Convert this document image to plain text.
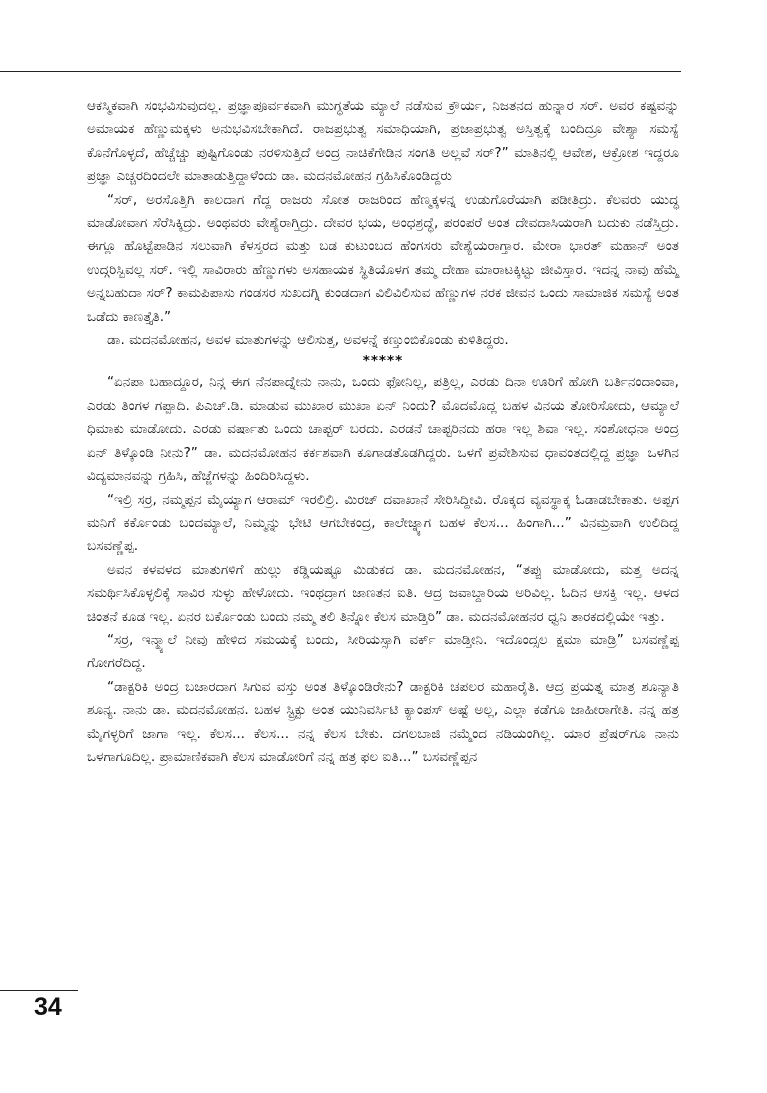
ಆಕಸ್ಮಿಕವಾಗಿ ಸಂಭವಿಸುವುದಲ್ಲ. ಪ್ರಜ್ಞಾಪೂರ್ವಕವಾಗಿ ಮುಗ್ಧತೆಯ ಮ್ಯಾಲೆ ನಡೆಸುವ ಕ್ರೌರ್ಯ, ನಿಜತನದ ಹುನ್ನಾರ ಸರ್. ಅವರ ಕಷ್ಟವನ್ನು ಅಮಾಯಕ ಹೆಣ್ಣುಮಕ್ಕಳು ಅನುಭವಿಸಬೇಕಾಗಿದೆ. ರಾಜಪ್ರಭುತ್ವ ಸಮಾಧಿಯಾಗಿ, ಪ್ರಜಾಪ್ರಭುತ್ವ ಅಸ್ತಿತ್ವಕ್ಕೆ ಬಂದಿದ್ರೂ ವೇಶ್ಯಾ ಸಮಸ್ಯೆ ಕೊನೆಗೊಳ್ಳದೆ, ಹೆಚ್ಚೆಚ್ಚು ಪುಷ್ಟಿಗೊಂಡು ನರಳಿಸುತ್ತಿದೆ ಅಂದ್ರ ನಾಚಿಕೆಗೇಡಿನ ಸಂಗತಿ ಅಲ್ಲವೆ ಸರ್?” ಮಾತಿನಲ್ಲಿ ಆವೇಶ, ಆಕ್ರೋಶ ಇದ್ದರೂ ಪ್ರಜ್ಞಾ ಎಚ್ಚರದಿಂದಲೇ ಮಾತಾಡುತ್ತಿದ್ದಾಳೆಂದು ಡಾ. ಮದನಮೋಹನ ಗ್ರಹಿಸಿಕೊಂಡಿದ್ದರು

“ಸರ್, ಅರಸೊತ್ತಿಗಿ ಕಾಲದಾಗ ಗೆದ್ದ ರಾಜರು ಸೋತ ರಾಜರಿಂದ ಹೆಣ್ಮಕ್ಕಳನ್ನ ಉಡುಗೊರೆಯಾಗಿ ಪಡೀತಿದ್ರು. ಕೆಲವರು ಯುದ್ಧ ಮಾಡೋವಾಗ ಸೆರೆಸಿಕ್ಕಿದ್ರು. ಅಂಥವರು ವೇಶ್ಯೆರಾಗ್ತಿದ್ರು. ದೇವರ ಭಯ, ಅಂಧಶ್ರದ್ಧೆ, ಪರಂಪರೆ ಅಂತ ದೇವದಾಸಿಯರಾಗಿ ಬದುಕು ನಡೆಸ್ತಿದ್ರು. ಈಗ್ಲೂ ಹೊಟ್ಟೆಪಾಡಿನ ಸಲುವಾಗಿ ಕೆಳಸ್ತರದ ಮತ್ತು ಬಡ ಕುಟುಂಬದ ಹೆಂಗಸರು ವೇಶ್ಯೆಯರಾಗ್ತಾರ. ಮೇರಾ ಭಾರತ್ ಮಹಾನ್ ಅಂತ ಉದ್ಗರಿಸ್ಬಿವಲ್ಲ ಸರ್. ಇಲ್ಲಿ ಸಾವಿರಾರು ಹೆಣ್ಣುಗಳು ಅಸಹಾಯಕ ಸ್ಥಿತಿಯೊಳಗ ತಮ್ಮ ದೇಹಾ ಮಾರಾಟಕ್ಕಿಟ್ಟು ಜೀವಿಸ್ತಾರ. ಇದನ್ನ ನಾವು ಹೆಮ್ಮೆ ಅನ್ನಬಹುದಾ ಸರ್? ಕಾಮಪಿಪಾಸು ಗಂಡಸರ ಸುಖದಗ್ನಿ ಕುಂಡದಾಗ ವಿಲಿವಿಲಿಸುವ ಹೆಣ್ಣುಗಳ ನರಕ ಜೀವನ ಒಂದು ಸಾಮಾಜಿಕ ಸಮಸ್ಯೆ ಅಂತ ಒಡೆದು ಕಾಣತ್ತೈತಿ.”

ಡಾ. ಮದನಮೋಹನ, ಅವಳ ಮಾತುಗಳನ್ನು ಆಲಿಸುತ್ತ, ಅವಳನ್ನೆ ಕಣ್ತುಂಬಿಕೊಂಡು ಕುಳಿತಿದ್ದರು.

*****

“ಏನಪಾ ಬಹಾದ್ದೂರ, ನಿನ್ಗ ಈಗ ನೆನಪಾದ್ನೇನು ನಾನು, ಒಂದು ಫೋನಿಲ್ಲ, ಪತ್ರಿಲ್ಲ, ಎರಡು ದಿನಾ ಊರಿಗೆ ಹೋಗಿ ಬರ್ತಿನಂದಾಂವಾ, ಎರಡು ತಿಂಗಳ ಗಪ್ಪಾದಿ. ಪಿಎಚ್.ಡಿ. ಮಾಡುವ ಮುಖಾರ ಮುಖಾ ಏನ್ ನಿಂದು? ಮೊದಮೊದ್ಲ ಬಹಳ ವಿನಯ ತೋರಿಸೋದು, ಆಮ್ಯಾಲೆ ಧಿಮಾಕು ಮಾಡೋದು. ಎರಡು ವರ್ಷಾತು ಒಂದು ಚಾಪ್ಟರ್ ಬರದು. ಎರಡನೆ ಚಾಪ್ಟರಿನದು ಹರಾ ಇಲ್ಲ ಶಿವಾ ಇಲ್ಲ. ಸಂಶೋಧನಾ ಅಂದ್ರ ಏನ್ ತಿಳ್ಕೊಂಡಿ ನೀನು?” ಡಾ. ಮದನಮೋಹನ ಕರ್ಕಶವಾಗಿ ಕೂಗಾಡತೊಡಗಿದ್ದರು. ಒಳಗೆ ಪ್ರವೇಶಿಸುವ ಧಾವಂತದಲ್ಲಿದ್ದ ಪ್ರಜ್ಞಾ ಒಳಗಿನ ವಿದ್ಯಮಾನವನ್ನು ಗ್ರಹಿಸಿ, ಹೆಜ್ಜೆಗಳನ್ನು ಹಿಂದಿರಿಸಿದ್ದಳು.

“ಇಲ್ರಿ ಸರ್ರ, ನಮ್ಮಪ್ಪನ ಮೈಯ್ಯಾಗ ಆರಾಮ್ ಇರಲಿಲ್ರಿ. ಮಿರಜ್ ದವಾಖಾನೆ ಸೇರಿಸಿದ್ದೀವಿ. ರೊಕ್ಕದ ವ್ಯವಸ್ಥಾಕ್ಕ ಓಡಾಡಬೇಕಾತು. ಅಪ್ಪಗ ಮನಿಗೆ ಕರ್ಕೊಂಡು ಬಂದಮ್ಯಾಲೆ, ನಿಮ್ಮನ್ನು ಭೇಟಿ ಆಗಬೇಕಂದ್ರ, ಕಾಲೇಜ್ನ್ಯಾಗ ಬಹಳ ಕೆಲಸ... ಹಿಂಗಾಗಿ...” ವಿನಮ್ರವಾಗಿ ಉಲಿದಿದ್ದ ಬಸವಣ್ಣೆಪ್ಪ.

ಅವನ ಕಳವಳದ ಮಾತುಗಳಿಗೆ ಹುಲ್ಲು ಕಡ್ಡಿಯಷ್ಟೂ ಮಿಡುಕದ ಡಾ. ಮದನಮೋಹನ, “ತಪ್ಪು ಮಾಡೋದು, ಮತ್ತ ಅದನ್ನ ಸಮರ್ಥಿಸಿಕೊಳ್ಳಲಿಕ್ಕೆ ಸಾವಿರ ಸುಳ್ಳು ಹೇಳೋದು. ಇಂಥದ್ರಾಗ ಜಾಣತನ ಐತಿ. ಆದ್ರ ಜವಾಬ್ದಾರಿಯ ಅರಿವಿಲ್ಲ. ಓದಿನ ಆಸಕ್ತಿ ಇಲ್ಲ. ಆಳದ ಚಿಂತನೆ ಕೂಡ ಇಲ್ಲ. ಏನರ ಬರ್ಕೊಂಡು ಬಂದು ನಮ್ಮ ತಲಿ ತಿನ್ನೋ ಕೆಲಸ ಮಾಡ್ತಿರಿ” ಡಾ. ಮದನಮೋಹನರ ಧ್ವನಿ ತಾರಕದಲ್ಲಿಯೇ ಇತ್ತು.

“ಸರ್ರ, ಇನ್ಮ್ಯಾಲೆ ನೀವು ಹೇಳಿದ ಸಮಯಕ್ಕೆ ಬಂದು, ಸೀರಿಯಸ್ಸಾಗಿ ವರ್ಕ್ ಮಾಡ್ತೀನಿ. ಇದೊಂದ್ಸಲ ಕ್ಷಮಾ ಮಾಡ್ರಿ” ಬಸವಣ್ಣೆಪ್ಪ ಗೋಗರೆದಿದ್ದ.

“ಡಾಕ್ಟರಿಕಿ ಅಂದ್ರ ಬಜಾರದಾಗ ಸಿಗುವ ವಸ್ತು ಅಂತ ತಿಳ್ಕೊಂಡಿರೇನು? ಡಾಕ್ಟರಿಕಿ ಚಪಲರ ಮಹಾರೈತಿ. ಆದ್ರ ಪ್ರಯತ್ನ ಮಾತ್ರ ಶೂನ್ಯಾತಿ ಶೂನ್ಯ. ನಾನು ಡಾ. ಮದನಮೋಹನ. ಬಹಳ ಸ್ಟ್ರಿಕ್ಟು ಅಂತ ಯುನಿವರ್ಸಿಟಿ ಕ್ಯಾಂಪಸ್ ಅಷ್ಟೆ ಅಲ್ಲ, ಎಲ್ಲಾ ಕಡೆಗೂ ಜಾಹೀರಾಗೇತಿ. ನನ್ನ ಹತ್ರ ಮೈಗಳ್ಳರಿಗೆ ಜಾಗಾ ಇಲ್ಲ. ಕೆಲಸ... ಕೆಲಸ... ನನ್ನ ಕೆಲಸ ಬೇಕು. ದಗಲಬಾಜಿ ನಮ್ಮೆಂದ ನಡಿಯಂಗಿಲ್ಲ. ಯಾರ ಪ್ರೆಷರ್‌ಗೂ ನಾನು ಒಳಗಾಗೂದಿಲ್ಲ. ಪ್ರಾಮಾಣಿಕವಾಗಿ ಕೆಲಸ ಮಾಡೋರಿಗೆ ನನ್ನ ಹತ್ರ ಫಲ ಐತಿ...” ಬಸವಣ್ಣೆಪ್ಪನ

34
